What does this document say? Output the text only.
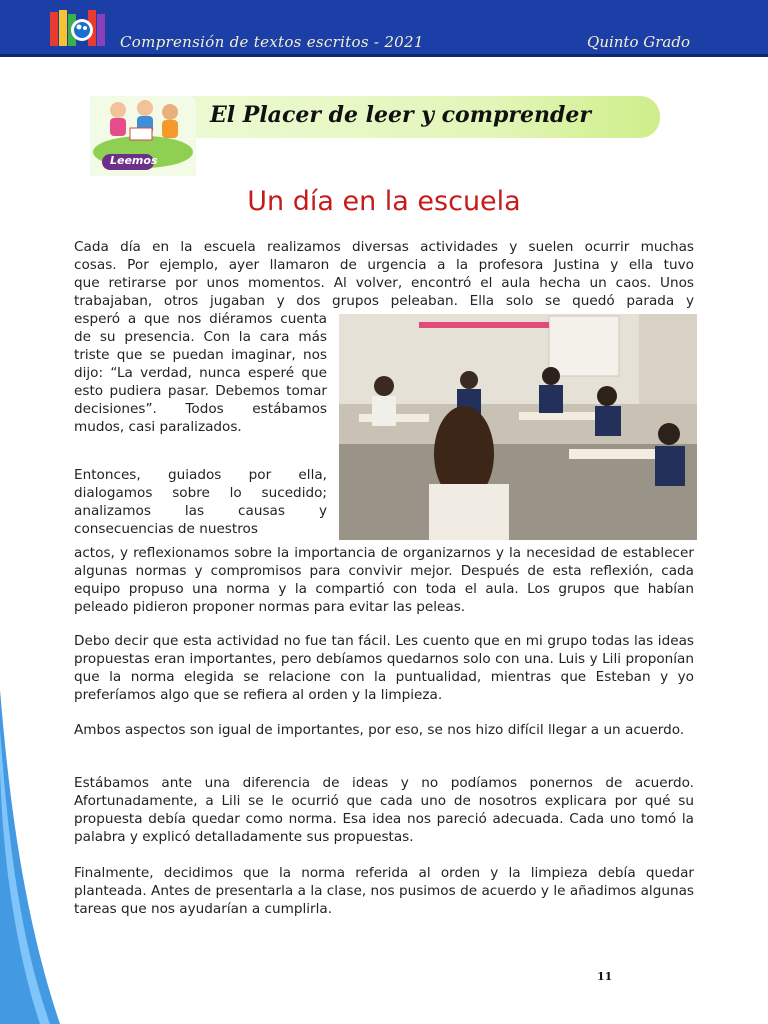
Comprensión de textos escritos - 2021	Quinto Grado
Leemos
El Placer de leer y comprender
Un día en la escuela
Cada día en la escuela realizamos diversas actividades y suelen ocurrir muchas
cosas. Por ejemplo, ayer llamaron de urgencia a la profesora Justina y ella tuvo
que retirarse por unos momentos. Al volver, encontró el aula hecha un caos. Unos
trabajaban, otros jugaban y dos grupos peleaban. Ella solo se quedó parada y
esperó a que nos diéramos cuenta de su presencia. Con la cara más triste que se puedan imaginar, nos dijo: “La verdad, nunca esperé que esto pudiera pasar. Debemos tomar decisiones”. Todos estábamos mudos, casi paralizados.
Entonces, guiados por ella, dialogamos sobre lo sucedido; analizamos las causas y consecuencias de nuestros
actos, y reflexionamos sobre la importancia de organizarnos y la necesidad de establecer algunas normas y compromisos para convivir mejor. Después de esta reflexión, cada equipo propuso una norma y la compartió con toda el aula. Los grupos que habían peleado pidieron proponer normas para evitar las peleas.
Debo decir que esta actividad no fue tan fácil. Les cuento que en mi grupo todas las ideas propuestas eran importantes, pero debíamos quedarnos solo con una. Luis y Lili proponían que la norma elegida se relacione con la puntualidad, mientras que Esteban y yo preferíamos algo que se refiera al orden y la limpieza.
Ambos aspectos son igual de importantes, por eso, se nos hizo difícil llegar a un acuerdo.
Estábamos ante una diferencia de ideas y no podíamos ponernos de acuerdo. Afortunadamente, a Lili se le ocurrió que cada uno de nosotros explicara por qué su propuesta debía quedar como norma. Esa idea nos pareció adecuada. Cada uno tomó la palabra y explicó detalladamente sus propuestas.
Finalmente, decidimos que la norma referida al orden y la limpieza debía quedar planteada. Antes de presentarla a la clase, nos pusimos de acuerdo y le añadimos algunas tareas que nos ayudarían a cumplirla.
11
